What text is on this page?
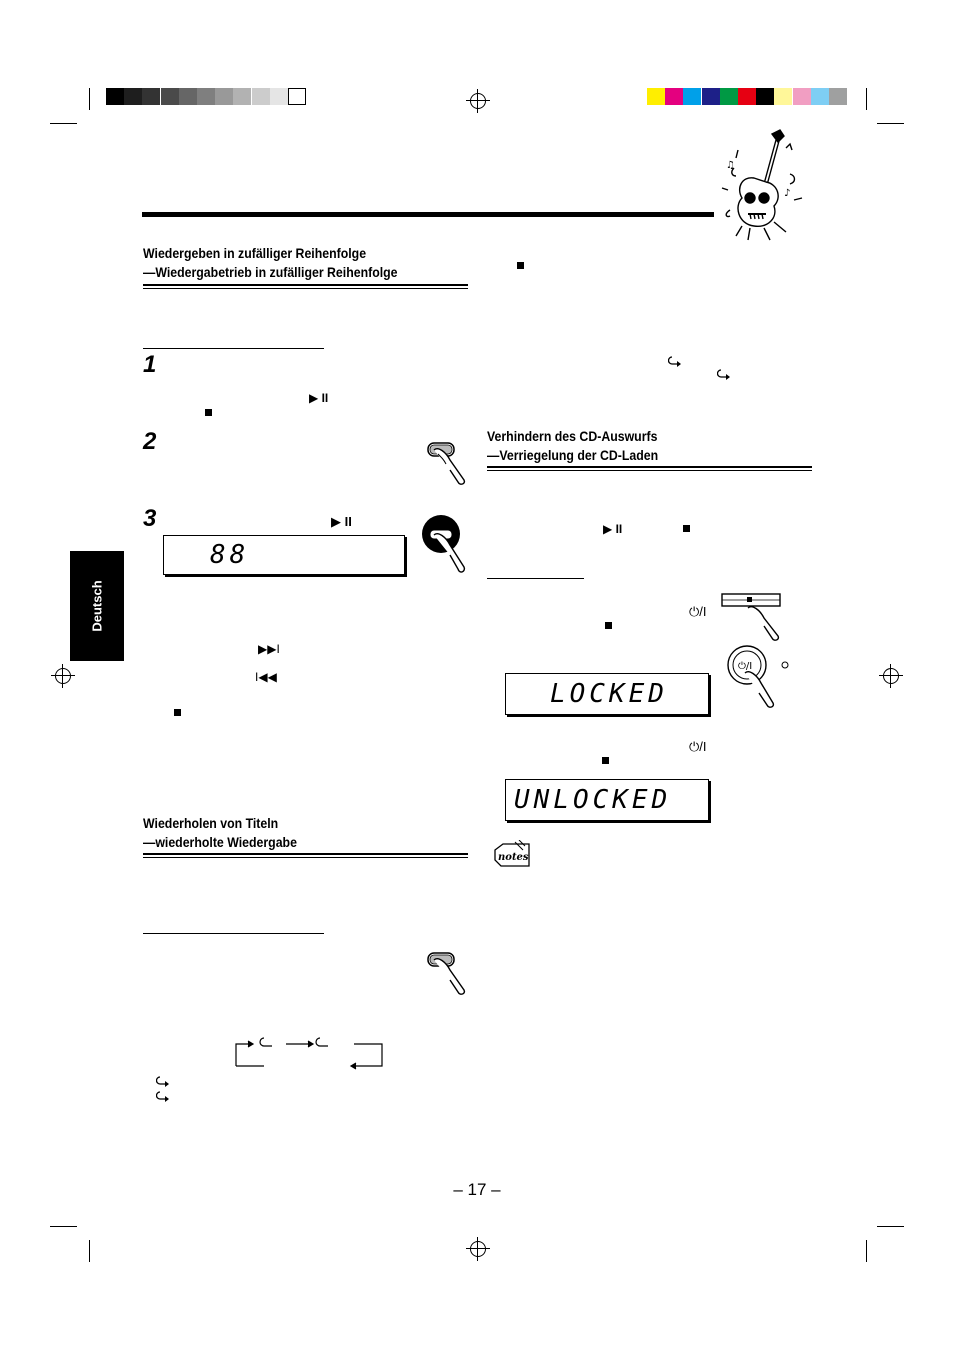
♪
♫
Wiedergeben in zufälliger Reihenfolge
—Wiedergabetrieb in zufälliger Reihenfolge
1
▶ II
2
3	▶ II
88
▶▶I
I◀◀
Wiederholen von Titeln
—wiederholte Wiedergabe
Deutsch
Verhindern des CD-Auswurfs
—Verriegelung der CD-Laden
▶ II
⏻/I
⏻/I
LOCKED
⏻/I
UNLOCKED
notes
– 17 –
